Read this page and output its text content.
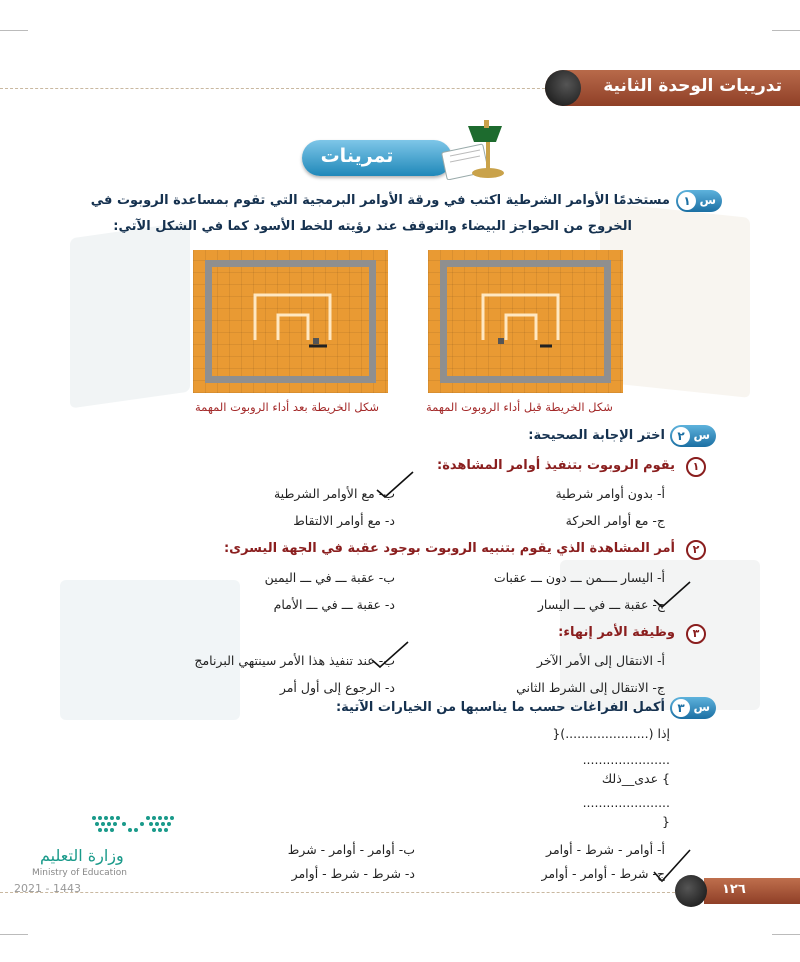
تدريبات الوحدة الثانية
تمرينات
س
١
مستخدمًا الأوامر الشرطية اكتب في ورقة الأوامر البرمجية التي تقوم بمساعدة الروبوت في
الخروج من الحواجز البيضاء والتوقف عند رؤيته للخط الأسود كما في الشكل الآتي:
شكل الخريطة قبل أداء الروبوت المهمة
شكل الخريطة بعد أداء الروبوت المهمة
س
٢
اختر الإجابة الصحيحة:
١
يقوم الروبوت بتنفيذ أوامر المشاهدة:
أ- بدون أوامر شرطية
ب- مع الأوامر الشرطية
ج- مع أوامر الحركة
د- مع أوامر الالتقاط
٢
أمر المشاهدة الذي يقوم بتنبيه الروبوت بوجود عقبة في الجهة اليسرى:
أ- اليسار ــــمن ـــ دون ـــ عقبات
ب- عقبة ـــ في ـــ اليمين
ج- عقبة ـــ في ـــ اليسار
د- عقبة ـــ في ـــ الأمام
٣
وظيفة الأمر إنهاء:
أ- الانتقال إلى الأمر الآخر
ب- عند تنفيذ هذا الأمر سينتهي البرنامج
ج- الانتقال إلى الشرط الثاني
د- الرجوع إلى أول أمر
س
٣
أكمل الفراغات حسب ما يناسبها من الخيارات الآتية:
إذا (.....................){
......................
} عدى__ذلك
......................
{
أ- أوامر - شرط - أوامر
ب- أوامر - أوامر - شرط
ج- شرط - أوامر - أوامر
د- شرط - شرط - أوامر
وزارة التعليم
Ministry of Education
2021 - 1443	١٢٦
